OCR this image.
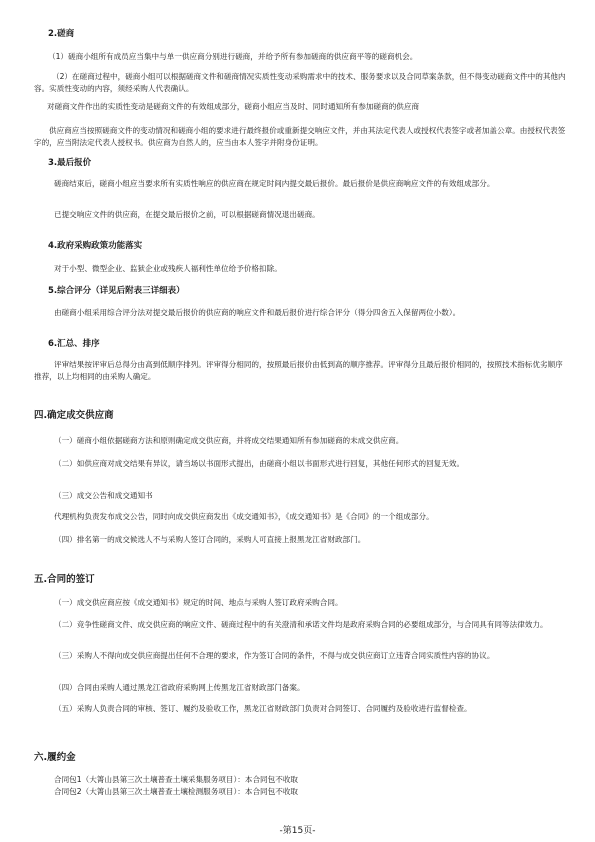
2.磋商
（1）磋商小组所有成员应当集中与单一供应商分别进行磋商，并给予所有参加磋商的供应商平等的磋商机会。
（2）在磋商过程中，磋商小组可以根据磋商文件和磋商情况实质性变动采购需求中的技术、服务要求以及合同草案条款，但不得变动磋商文件中的其他内容。实质性变动的内容，须经采购人代表确认。
对磋商文件作出的实质性变动是磋商文件的有效组成部分，磋商小组应当及时、同时通知所有参加磋商的供应商
供应商应当按照磋商文件的变动情况和磋商小组的要求进行最终报价或重新提交响应文件，并由其法定代表人或授权代表签字或者加盖公章。由授权代表签字的，应当附法定代表人授权书。供应商为自然人的，应当由本人签字并附身份证明。
3.最后报价
磋商结束后，磋商小组应当要求所有实质性响应的供应商在规定时间内提交最后报价。最后报价是供应商响应文件的有效组成部分。
已提交响应文件的供应商，在提交最后报价之前，可以根据磋商情况退出磋商。
4.政府采购政策功能落实
对于小型、微型企业、监狱企业或残疾人福利性单位给予价格扣除。
5.综合评分（详见后附表三详细表）
由磋商小组采用综合评分法对提交最后报价的供应商的响应文件和最后报价进行综合评分（得分四舍五入保留两位小数）。
6.汇总、排序
评审结果按评审后总得分由高到低顺序排列。评审得分相同的，按照最后报价由低到高的顺序推荐。评审得分且最后报价相同的，按照技术指标优劣顺序推荐，以上均相同的由采购人确定。
四.确定成交供应商
（一）磋商小组依据磋商方法和原则确定成交供应商，并将成交结果通知所有参加磋商的未成交供应商。
（二）如供应商对成交结果有异议，请当场以书面形式提出，由磋商小组以书面形式进行回复，其他任何形式的回复无效。
（三）成交公告和成交通知书
代理机构负责发布成交公告，同时向成交供应商发出《成交通知书》，《成交通知书》是《合同》的一个组成部分。
（四）排名第一的成交候选人不与采购人签订合同的，采购人可直接上报黑龙江省财政部门。
五.合同的签订
（一）成交供应商应按《成交通知书》规定的时间、地点与采购人签订政府采购合同。
（二）竞争性磋商文件、成交供应商的响应文件、磋商过程中的有关澄清和承诺文件均是政府采购合同的必要组成部分，与合同具有同等法律效力。
（三）采购人不得向成交供应商提出任何不合理的要求，作为签订合同的条件，不得与成交供应商订立违背合同实质性内容的协议。
（四）合同由采购人通过黑龙江省政府采购网上传黑龙江省财政部门备案。
（五）采购人负责合同的审核、签订、履约及验收工作，黑龙江省财政部门负责对合同签订、合同履约及验收进行监督检查。
六.履约金
合同包1（大箐山县第三次土壤普查土壤采集服务项目）：本合同包不收取
合同包2（大箐山县第三次土壤普查土壤检测服务项目）：本合同包不收取
-第15页-
